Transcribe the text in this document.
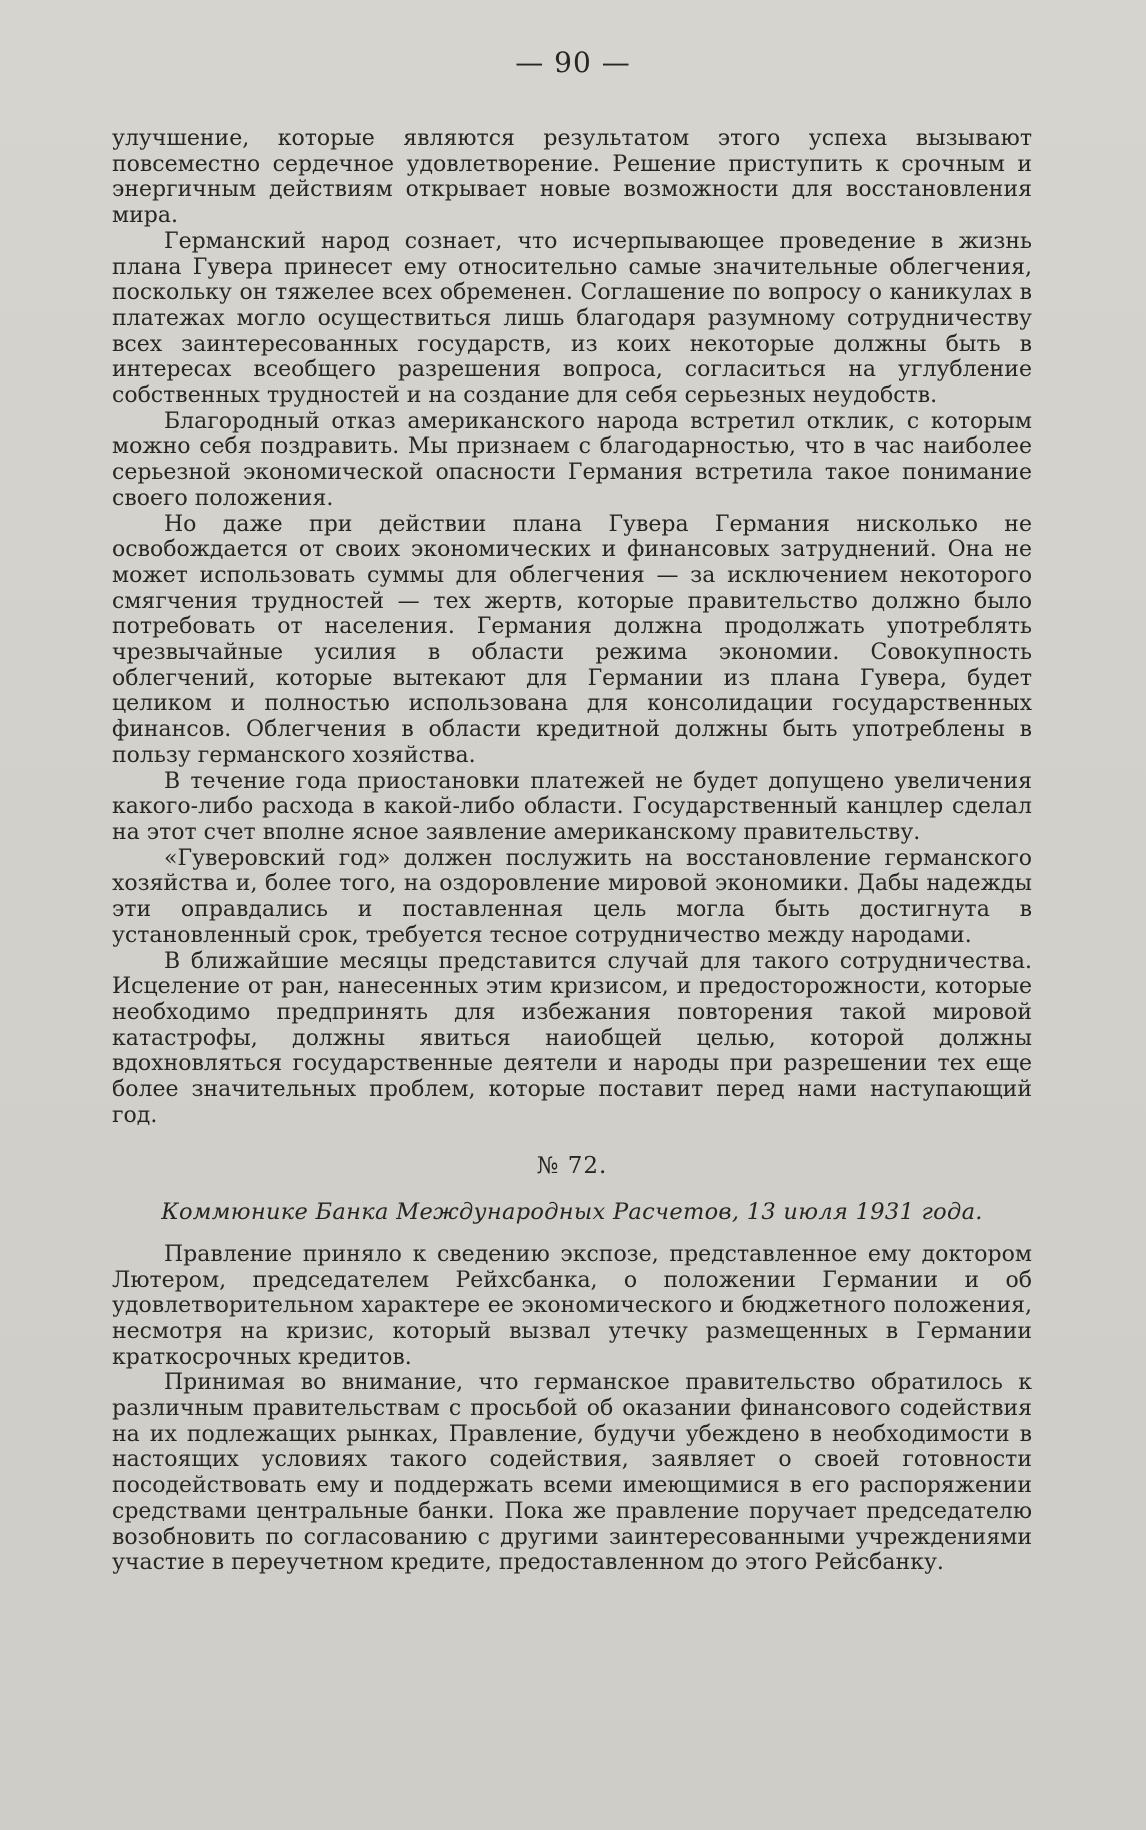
— 90 —

улучшение, которые являются результатом этого успеха вызывают повсеместно сердечное удовлетворение. Решение приступить к срочным и энергичным действиям открывает новые возможности для восстановления мира.

Германский народ сознает, что исчерпывающее проведение в жизнь плана Гувера принесет ему относительно самые значительные облегчения, поскольку он тяжелее всех обременен. Соглашение по вопросу о каникулах в платежах могло осуществиться лишь благодаря разумному сотрудничеству всех заинтересованных государств, из коих некоторые должны быть в интересах всеобщего разрешения вопроса, согласиться на углубление собственных трудностей и на создание для себя серьезных неудобств.

Благородный отказ американского народа встретил отклик, с которым можно себя поздравить. Мы признаем с благодарностью, что в час наиболее серьезной экономической опасности Германия встретила такое понимание своего положения.

Но даже при действии плана Гувера Германия нисколько не освобождается от своих экономических и финансовых затруднений. Она не может использовать суммы для облегчения — за исключением некоторого смягчения трудностей — тех жертв, которые правительство должно было потребовать от населения. Германия должна продолжать употреблять чрезвычайные усилия в области режима экономии. Совокупность облегчений, которые вытекают для Германии из плана Гувера, будет целиком и полностью использована для консолидации государственных финансов. Облегчения в области кредитной должны быть употреблены в пользу германского хозяйства.

В течение года приостановки платежей не будет допущено увеличения какого-либо расхода в какой-либо области. Государственный канцлер сделал на этот счет вполне ясное заявление американскому правительству.

«Гуверовский год» должен послужить на восстановление германского хозяйства и, более того, на оздоровление мировой экономики. Дабы надежды эти оправдались и поставленная цель могла быть достигнута в установленный срок, требуется тесное сотрудничество между народами.

В ближайшие месяцы представится случай для такого сотрудничества. Исцеление от ран, нанесенных этим кризисом, и предосторожности, которые необходимо предпринять для избежания повторения такой мировой катастрофы, должны явиться наиобщей целью, которой должны вдохновляться государственные деятели и народы при разрешении тех еще более значительных проблем, которые поставит перед нами наступающий год.

№ 72.
Коммюнике Банка Международных Расчетов, 13 июля 1931 года.

Правление приняло к сведению экспозе, представленное ему доктором Лютером, председателем Рейхсбанка, о положении Германии и об удовлетворительном характере ее экономического и бюджетного положения, несмотря на кризис, который вызвал утечку размещенных в Германии краткосрочных кредитов.

Принимая во внимание, что германское правительство обратилось к различным правительствам с просьбой об оказании финансового содействия на их подлежащих рынках, Правление, будучи убеждено в необходимости в настоящих условиях такого содействия, заявляет о своей готовности посодействовать ему и поддержать всеми имеющимися в его распоряжении средствами центральные банки. Пока же правление поручает председателю возобновить по согласованию с другими заинтересованными учреждениями участие в переучетном кредите, предоставленном до этого Рейсбанку.
